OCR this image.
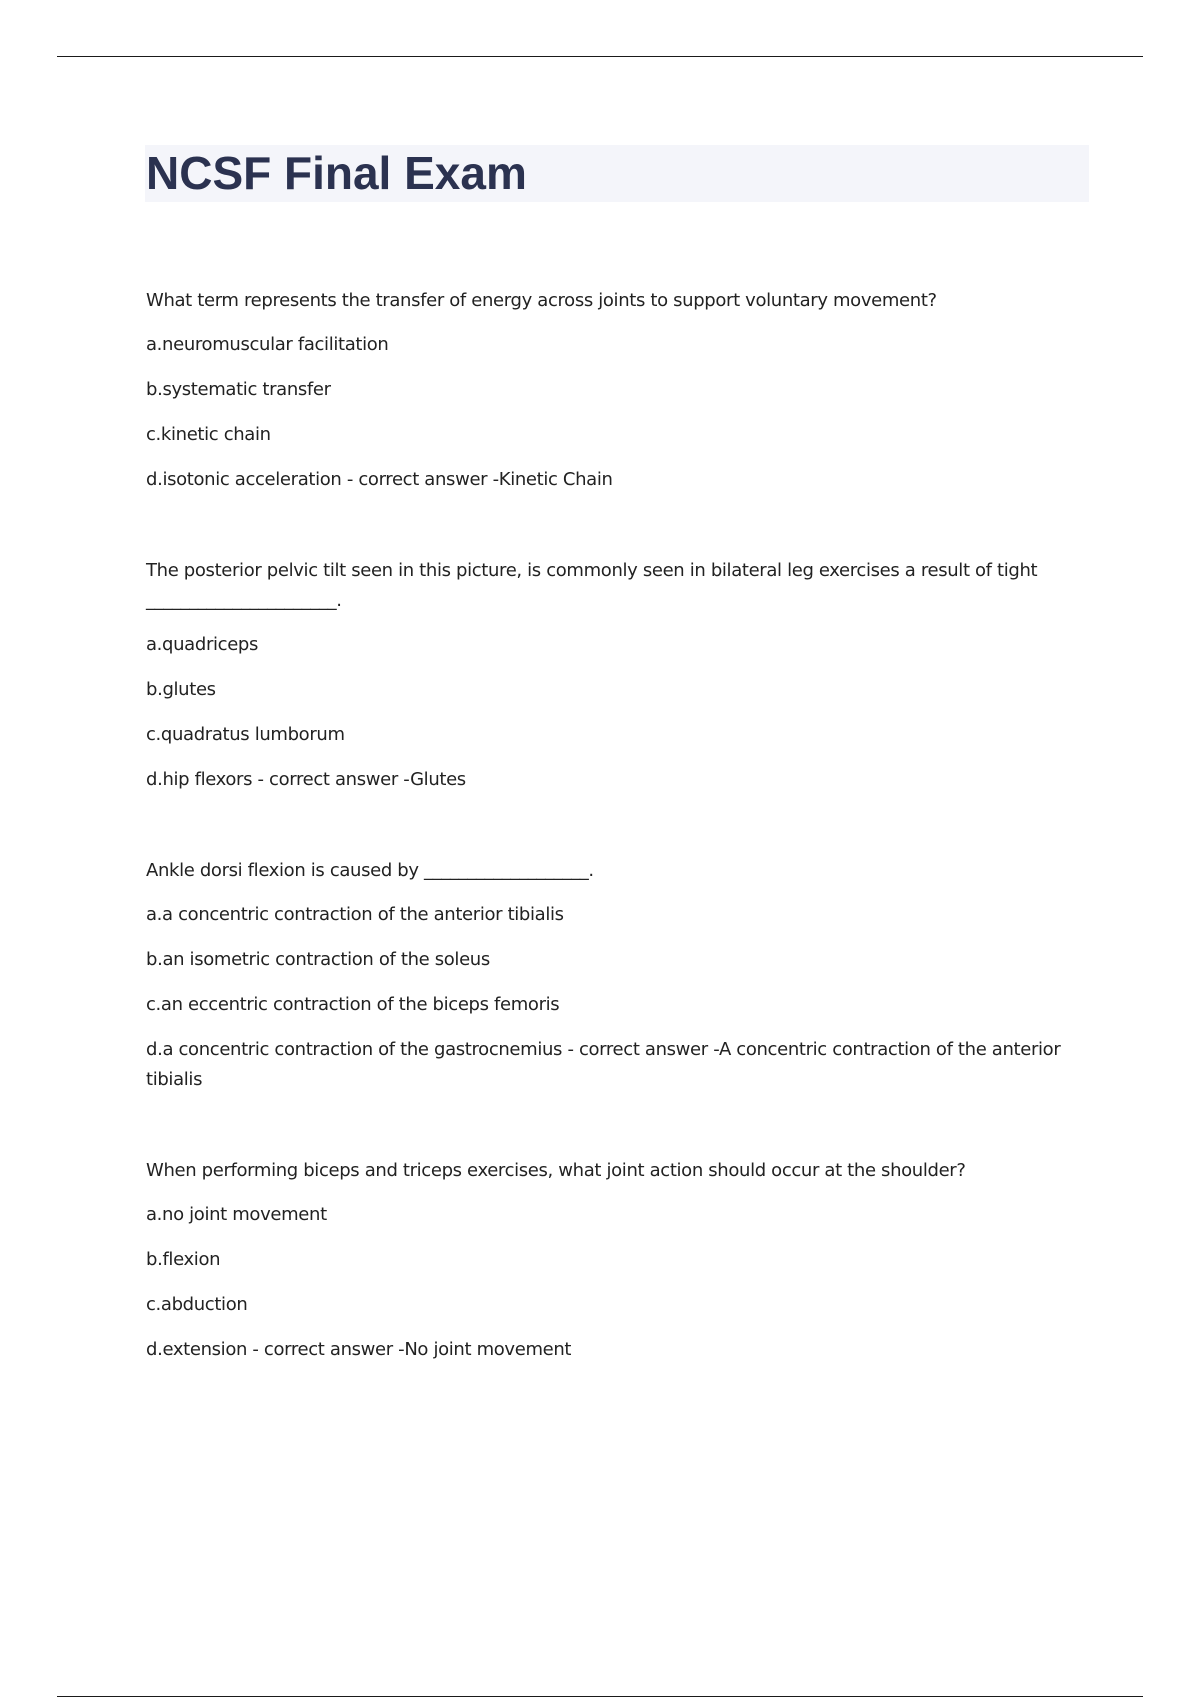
NCSF Final Exam

What term represents the transfer of energy across joints to support voluntary movement?

a.neuromuscular facilitation

b.systematic transfer

c.kinetic chain

d.isotonic acceleration - correct answer -Kinetic Chain

The posterior pelvic tilt seen in this picture, is commonly seen in bilateral leg exercises a result of tight ______________________.

a.quadriceps

b.glutes

c.quadratus lumborum

d.hip flexors - correct answer -Glutes

Ankle dorsi flexion is caused by ___________________.

a.a concentric contraction of the anterior tibialis

b.an isometric contraction of the soleus

c.an eccentric contraction of the biceps femoris

d.a concentric contraction of the gastrocnemius - correct answer -A concentric contraction of the anterior tibialis

When performing biceps and triceps exercises, what joint action should occur at the shoulder?

a.no joint movement

b.flexion

c.abduction

d.extension - correct answer -No joint movement
